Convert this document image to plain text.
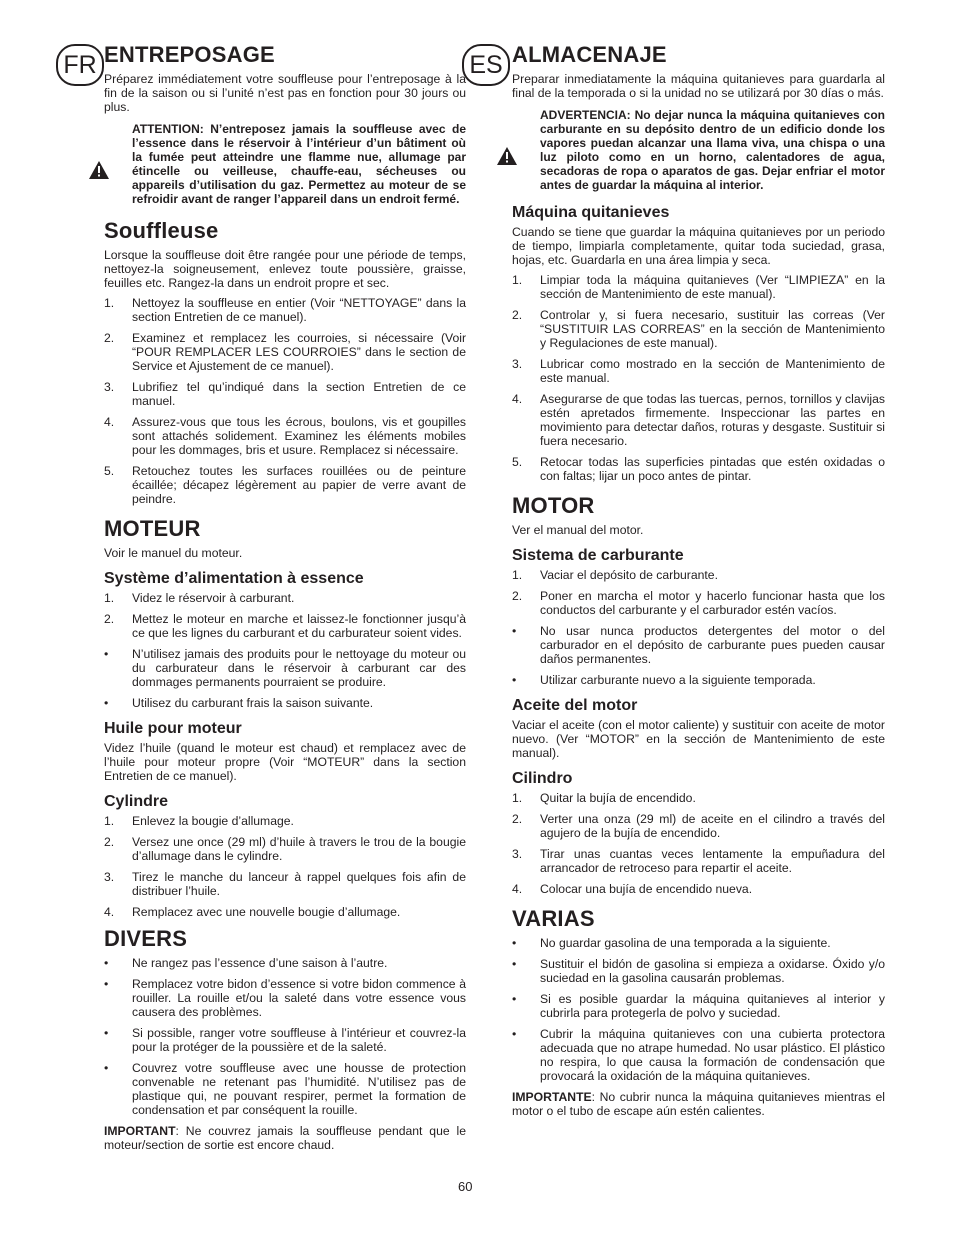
FR	ES
ENTREPOSAGE

Préparez immédiatement votre souffleuse pour l’entreposage à la fin de la saison ou si l’unité n’est pas en fonction pour 30 jours ou plus.

ATTENTION: N’entreposez jamais la souffleuse avec de l’essence dans le réservoir à l’intérieur d’un bâtiment où la fumée peut atteindre une flamme nue, allumage par étincelle ou veilleuse, chauffe-eau, sécheuses ou appareils d’utilisation du gaz. Permettez au moteur de se refroidir avant de ranger l’appareil dans un endroit fermé.

Souffleuse

Lorsque la souffleuse doit être rangée pour une période de temps, nettoyez-la soigneusement, enlevez toute poussière, graisse, feuilles etc. Rangez-la dans un endroit propre et sec.

1.	Nettoyez la souffleuse en entier (Voir “NETTOYAGE” dans la section Entretien de ce manuel).
2.	Examinez et remplacez les courroies, si nécessaire (Voir “POUR REMPLACER LES COURROIES” dans le section de Service et Ajustement de ce manuel).
3.	Lubrifiez tel qu’indiqué dans la section Entretien de ce manuel.
4.	Assurez-vous que tous les écrous, boulons, vis et goupilles sont attachés solidement. Examinez les éléments mobiles pour les dommages, bris et usure. Remplacez si nécessaire.
5.	Retouchez toutes les surfaces rouillées ou de peinture écaillée; décapez légèrement au papier de verre avant de peindre.
MOTEUR

Voir le manuel du moteur.

Système d’alimentation à essence
1.	Videz le réservoir à carburant.
2.	Mettez le moteur en marche et laissez-le fonctionner jusqu’à ce que les lignes du carburant et du carburateur soient vides.
•	N’utilisez jamais des produits pour le nettoyage du moteur ou du carburateur dans le réservoir à carburant car des dommages permanents pourraient se produire.
•	Utilisez du carburant frais la saison suivante.
Huile pour moteur

Videz l’huile (quand le moteur est chaud) et remplacez avec de l’huile pour moteur propre (Voir “MOTEUR” dans la section Entretien de ce manuel).

Cylindre
1.	Enlevez la bougie d’allumage.
2.	Versez une once (29 ml) d’huile à travers le trou de la bougie d’allumage dans le cylindre.
3.	Tirez le manche du lanceur à rappel quelques fois afin de distribuer l’huile.
4.	Remplacez avec une nouvelle bougie d’allumage.
DIVERS
•	Ne rangez pas l’essence d’une saison à l’autre.
•	Remplacez votre bidon d’essence si votre bidon commence à rouiller. La rouille et/ou la saleté dans votre essence vous causera des problèmes.
•	Si possible, ranger votre souffleuse à l’intérieur et couvrez-la pour la protéger de la poussière et de la saleté.
•	Couvrez votre souffleuse avec une housse de protection convenable ne retenant pas l’humidité. N’utilisez pas de plastique qui, ne pouvant respirer, permet la formation de condensation et par conséquent la rouille.

IMPORTANT: Ne couvrez jamais la souffleuse pendant que le moteur/section de sortie est encore chaud.

ALMACENAJE

Preparar inmediatamente la máquina quitanieves para guardarla al final de la temporada o si la unidad no se utilizará por 30 días o más.

ADVERTENCIA: No dejar nunca la máquina quitanieves con carburante en su depósito dentro de un edificio donde los vapores puedan alcanzar una llama viva, una chispa o una luz piloto como en un horno, calentadores de agua, secadoras de ropa o aparatos de gas. Dejar enfriar el motor antes de guardar la máquina al interior.

Máquina quitanieves

Cuando se tiene que guardar la máquina quitanieves por un periodo de tiempo, limpiarla completamente, quitar toda suciedad, grasa, hojas, etc. Guardarla en una área limpia y seca.

1.	Limpiar toda la máquina quitanieves (Ver “LIMPIEZA” en la sección de Mantenimiento de este manual).
2.	Controlar y, si fuera necesario, sustituir las correas (Ver “SUSTITUIR LAS CORREAS” en la sección de Mantenimiento y Regulaciones de este manual).
3.	Lubricar como mostrado en la sección de Mantenimiento de este manual.
4.	Asegurarse de que todas las tuercas, pernos, tornillos y clavijas estén apretados firmemente. Inspeccionar las partes en movimiento para detectar daños, roturas y desgaste. Sustituir si fuera necesario.
5.	Retocar todas las superficies pintadas que estén oxidadas o con faltas; lijar un poco antes de pintar.
MOTOR

Ver el manual del motor.

Sistema de carburante
1.	Vaciar el depósito de carburante.
2.	Poner en marcha el motor y hacerlo funcionar hasta que los conductos del carburante y el carburador estén vacíos.
•	No usar nunca productos detergentes del motor o del carburador en el depósito de carburante pues pueden causar daños permanentes.
•	Utilizar carburante nuevo a la siguiente temporada.
Aceite del motor

Vaciar el aceite (con el motor caliente) y sustituir con aceite de motor nuevo. (Ver “MOTOR” en la sección de Mantenimiento de este manual).

Cilindro
1.	Quitar la bujía de encendido.
2.	Verter una onza (29 ml) de aceite en el cilindro a través del agujero de la bujía de encendido.
3.	Tirar unas cuantas veces lentamente la empuñadura del arrancador de retroceso para repartir el aceite.
4.	Colocar una bujía de encendido nueva.
VARIAS
•	No guardar gasolina de una temporada a la siguiente.
•	Sustituir el bidón de gasolina si empieza a oxidarse. Óxido y/o suciedad en la gasolina causarán problemas.
•	Si es posible guardar la máquina quitanieves al interior y cubrirla para protegerla de polvo y suciedad.
•	Cubrir la máquina quitanieves con una cubierta protectora adecuada que no atrape humedad. No usar plástico. El plástico no respira, lo que causa la formación de condensación que provocará la oxidación de la máquina quitanieves.

IMPORTANTE: No cubrir nunca la máquina quitanieves mientras el motor o el tubo de escape aún estén calientes.

60
